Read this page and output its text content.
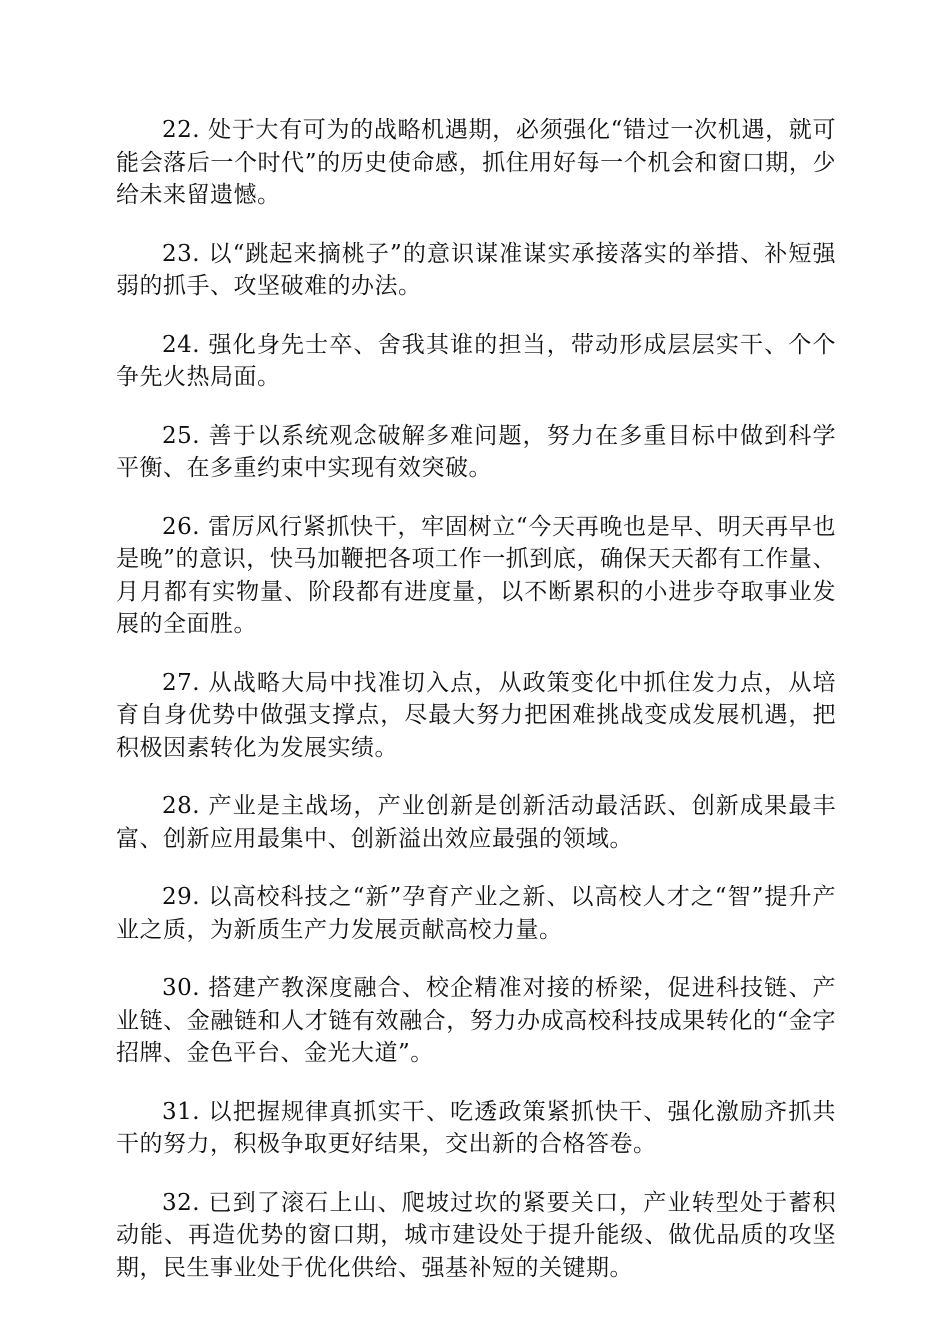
22. 处于大有可为的战略机遇期，必须强化“错过一次机遇，就可能会落后一个时代”的历史使命感，抓住用好每一个机会和窗口期，少给未来留遗憾。

23. 以“跳起来摘桃子”的意识谋准谋实承接落实的举措、补短强弱的抓手、攻坚破难的办法。

24. 强化身先士卒、舍我其谁的担当，带动形成层层实干、个个争先火热局面。

25. 善于以系统观念破解多难问题，努力在多重目标中做到科学平衡、在多重约束中实现有效突破。

26. 雷厉风行紧抓快干，牢固树立“今天再晚也是早、明天再早也是晚”的意识，快马加鞭把各项工作一抓到底，确保天天都有工作量、月月都有实物量、阶段都有进度量，以不断累积的小进步夺取事业发展的全面胜。

27. 从战略大局中找准切入点，从政策变化中抓住发力点，从培育自身优势中做强支撑点，尽最大努力把困难挑战变成发展机遇，把积极因素转化为发展实绩。

28. 产业是主战场，产业创新是创新活动最活跃、创新成果最丰富、创新应用最集中、创新溢出效应最强的领域。

29. 以高校科技之“新”孕育产业之新、以高校人才之“智”提升产业之质，为新质生产力发展贡献高校力量。

30. 搭建产教深度融合、校企精准对接的桥梁，促进科技链、产业链、金融链和人才链有效融合，努力办成高校科技成果转化的“金字招牌、金色平台、金光大道”。

31. 以把握规律真抓实干、吃透政策紧抓快干、强化激励齐抓共干的努力，积极争取更好结果，交出新的合格答卷。

32. 已到了滚石上山、爬坡过坎的紧要关口，产业转型处于蓄积动能、再造优势的窗口期，城市建设处于提升能级、做优品质的攻坚期，民生事业处于优化供给、强基补短的关键期。
